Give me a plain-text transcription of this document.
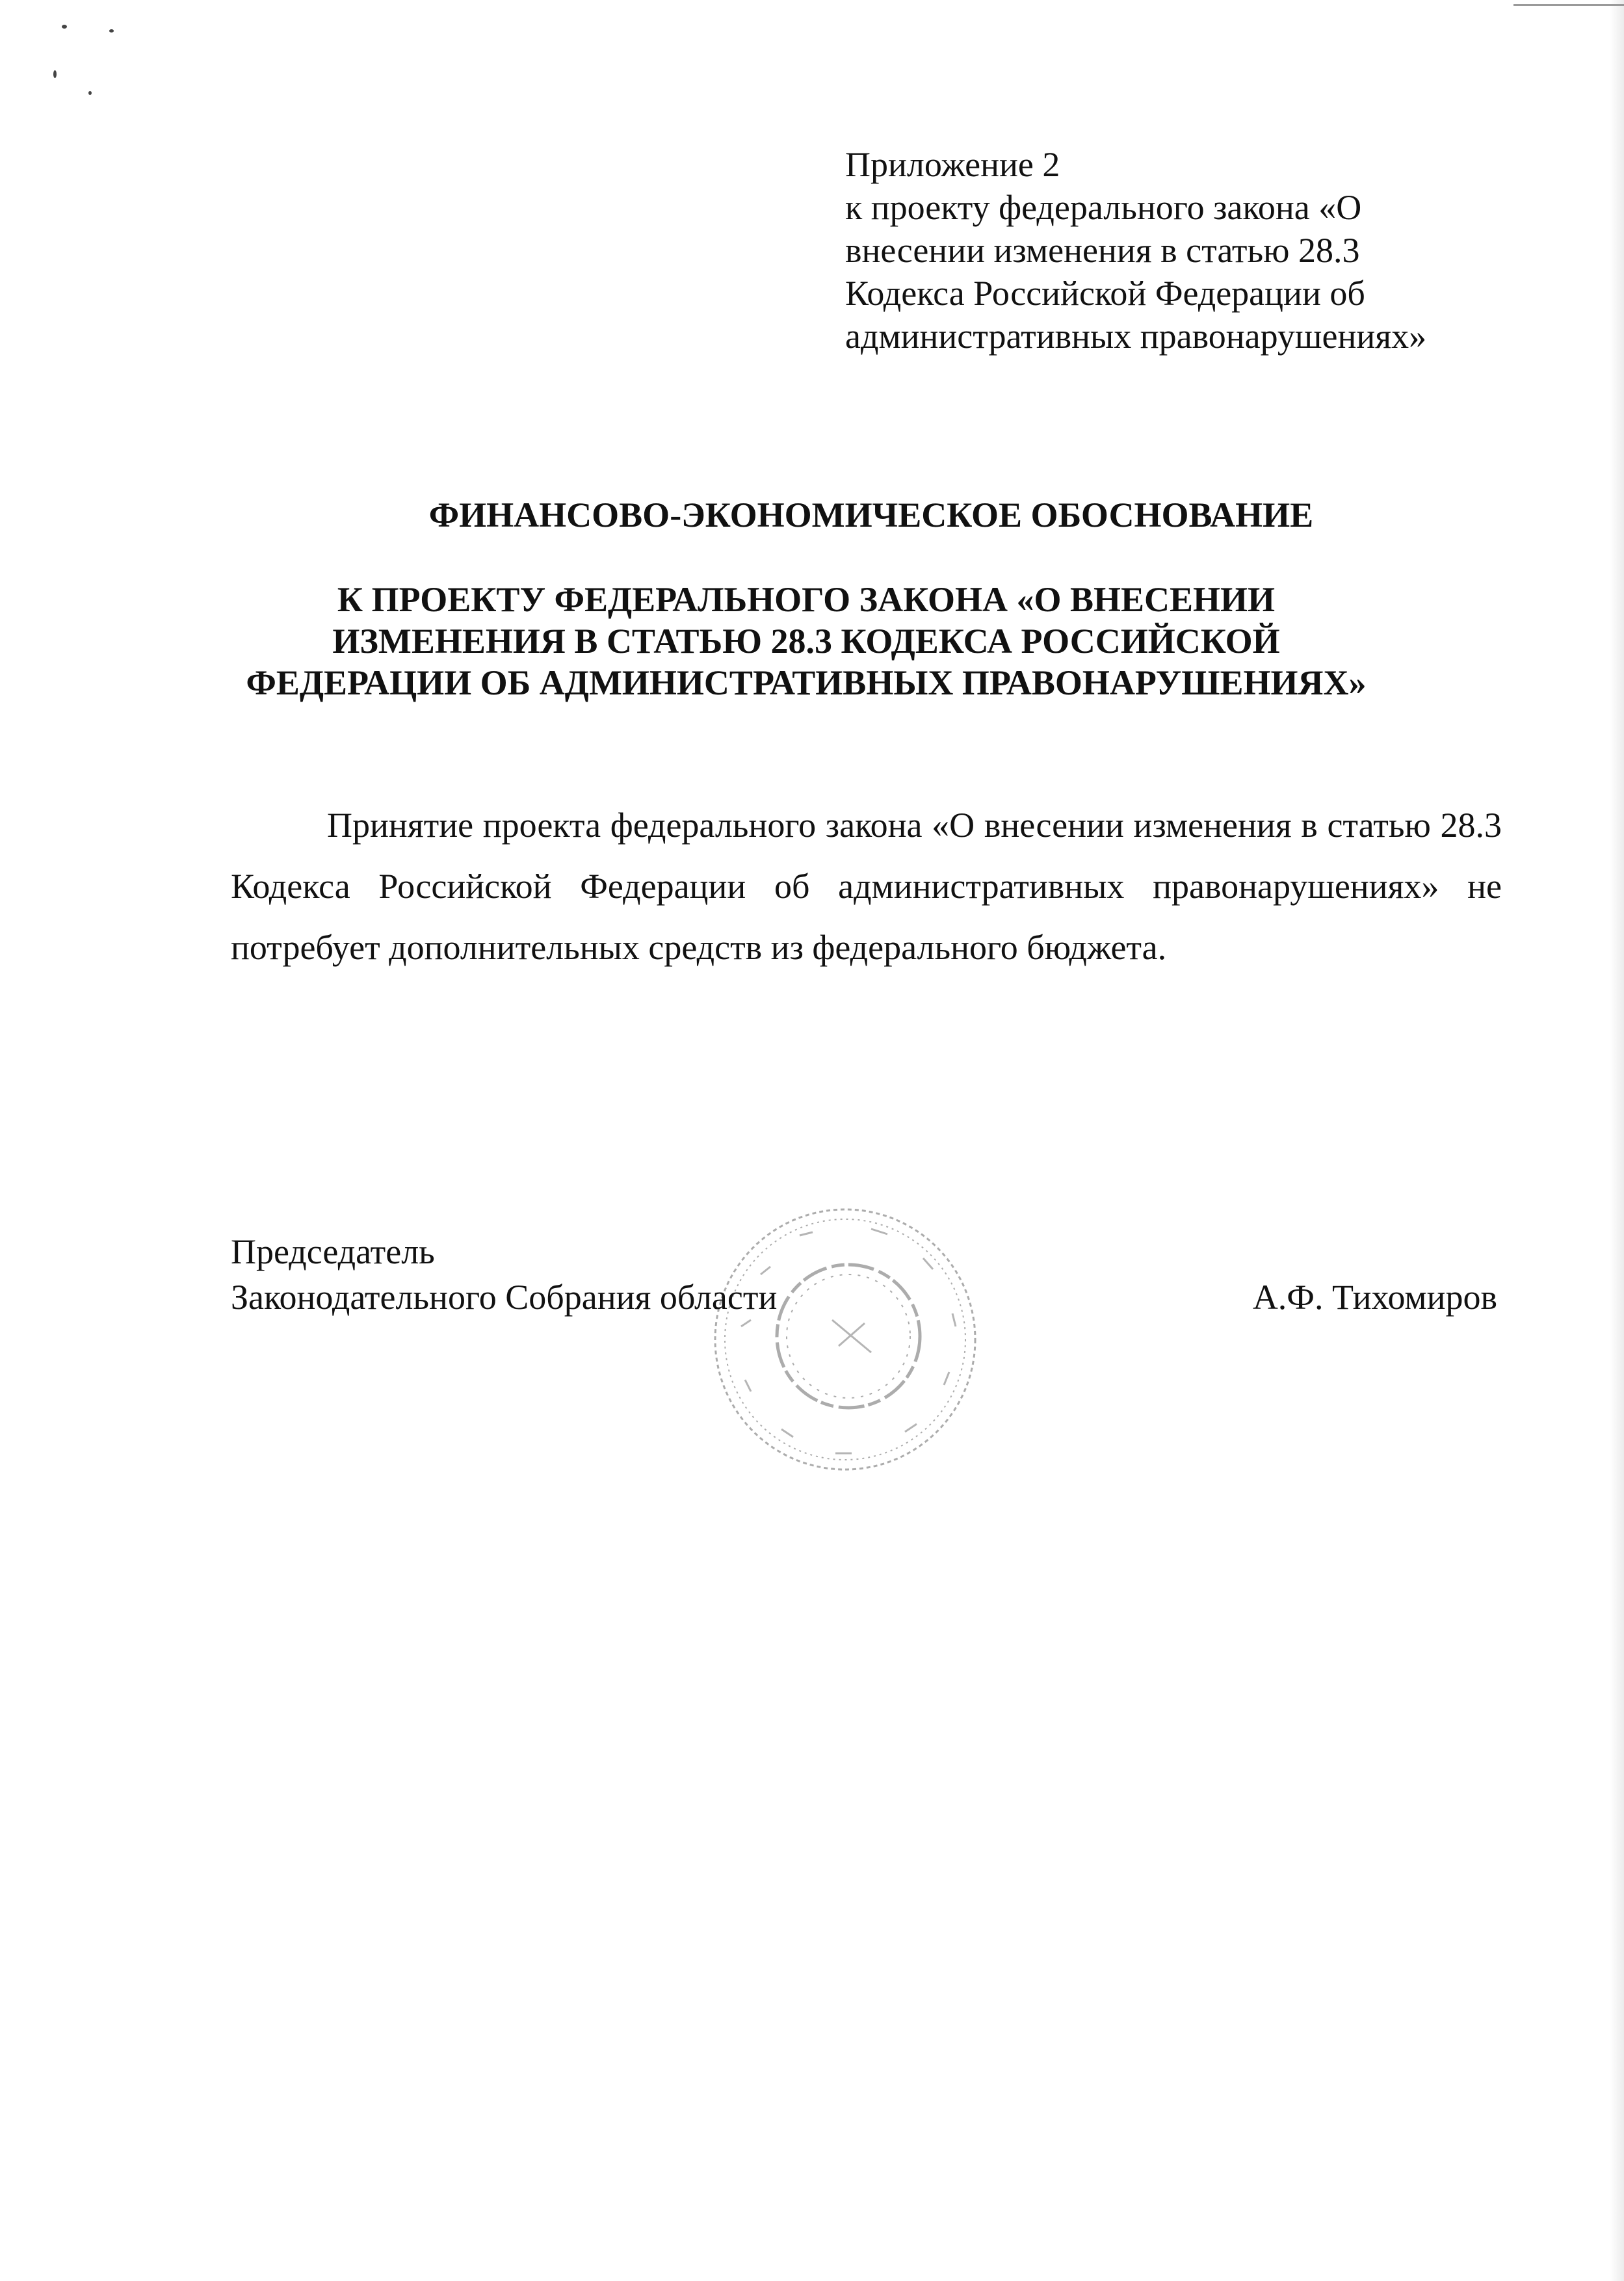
Приложение 2
к проекту федерального закона «О
внесении изменения в статью 28.3
Кодекса Российской Федерации об
административных правонарушениях»
ФИНАНСОВО-ЭКОНОМИЧЕСКОЕ ОБОСНОВАНИЕ
К ПРОЕКТУ ФЕДЕРАЛЬНОГО ЗАКОНА «О ВНЕСЕНИИ
ИЗМЕНЕНИЯ В СТАТЬЮ 28.3 КОДЕКСА РОССИЙСКОЙ
ФЕДЕРАЦИИ ОБ АДМИНИСТРАТИВНЫХ ПРАВОНАРУШЕНИЯХ»

Принятие проекта федерального закона «О внесении изменения в статью 28.3 Кодекса Российской Федерации об административных правонарушениях» не потребует дополнительных средств из федерального бюджета.

Председатель
Законодательного Собрания области	А.Ф. Тихомиров
